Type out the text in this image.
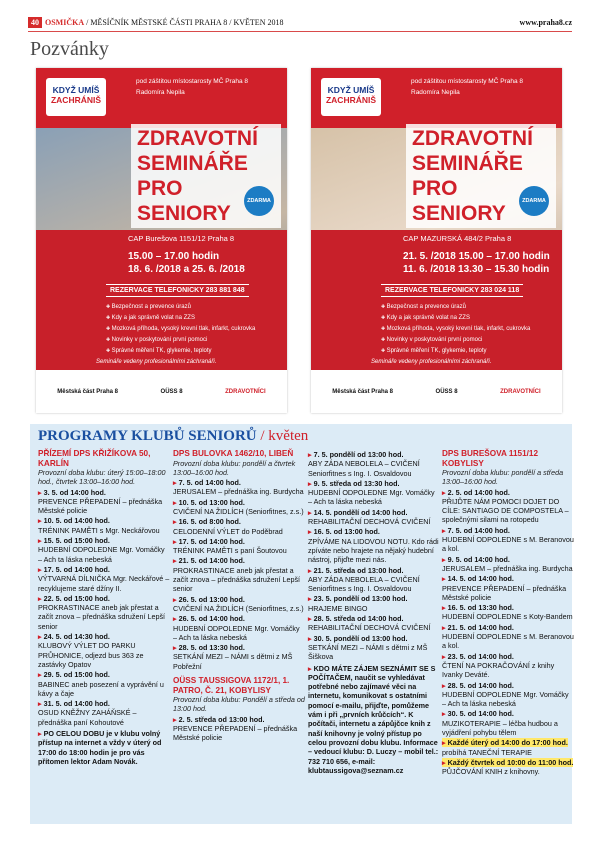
40 OSMIČKA / MĚSÍČNÍK MĚSTSKÉ ČÁSTI PRAHA 8 / KVĚTEN 2018	www.praha8.cz
Pozvánky
KDYŽ UMÍŠ
ZACHRÁNIŠ
pod záštitou místostarosty MČ Praha 8
Radomíra Nepila
ZDRAVOTNÍ SEMINÁŘE PRO SENIORY
ZDARMA
CAP Burešova 1151/12 Praha 8
15.00 – 17.00 hodin
18. 6. /2018 a 25. 6. /2018
REZERVACE TELEFONICKY 283 881 848
✚ Bezpečnost a prevence úrazů
✚ Kdy a jak správně volat na ZZS
✚ Mozková příhoda, vysoký krevní tlak, infarkt, cukrovka
✚ Novinky v poskytování první pomoci
✚ Správné měření TK, glykemie, teploty
Semináře vedeny profesionálními záchranáři.
Městská část Praha 8	OÜSS 8	ZDRAVOTNÍCI
KDYŽ UMÍŠ
ZACHRÁNIŠ
pod záštitou místostarosty MČ Praha 8
Radomíra Nepila
ZDRAVOTNÍ SEMINÁŘE PRO SENIORY
ZDARMA
CAP MAZURSKÁ 484/2 Praha 8
21. 5. /2018 15.00 – 17.00 hodin
11. 6. /2018 13.30 – 15.30 hodin
REZERVACE TELEFONICKY 283 024 118
✚ Bezpečnost a prevence úrazů
✚ Kdy a jak správně volat na ZZS
✚ Mozková příhoda, vysoký krevní tlak, infarkt, cukrovka
✚ Novinky v poskytování první pomoci
✚ Správné měření TK, glykemie, teploty
Semináře vedeny profesionálními záchranáři.
Městská část Praha 8	OÜSS 8	ZDRAVOTNÍCI
PROGRAMY KLUBŮ SENIORŮ / květen
PŘÍZEMÍ DPS KŘIŽÍKOVA 50, KARLÍN
Provozní doba klubu: úterý 15:00–18:00 hod., čtvrtek 13:00–16:00 hod.
▸ 3. 5. od 14:00 hod.
PREVENCE PŘEPADENÍ – přednáška Městské policie
▸ 10. 5. od 14:00 hod.
TRÉNINK PAMĚTI s Mgr. Neckářovou
▸ 15. 5. od 15:00 hod.
HUDEBNÍ ODPOLEDNE Mgr. Vomáčky – Ach ta láska nebeská
▸ 17. 5. od 14:00 hod.
VÝTVARNÁ DÍLNIČKA Mgr. Neckářové – recyklujeme staré džíny II.
▸ 22. 5. od 15:00 hod.
PROKRASTINACE aneb jak přestat a začít znova – přednáška sdružení Lepší senior
▸ 24. 5. od 14:30 hod.
KLUBOVÝ VÝLET DO PARKU PRŮHONICE, odjezd bus 363 ze zastávky Opatov
▸ 29. 5. od 15:00 hod.
BABINEC aneb posezení a vyprávění u kávy a čaje
▸ 31. 5. od 14:00 hod.
OSUD KNĚŽNY ZAHÁŇSKÉ – přednáška paní Kohoutové
▸ PO CELOU DOBU je v klubu volný přístup na internet a vždy v úterý od 17:00 do 18:00 hodin je pro vás přítomen lektor Adam Novák.
DPS BULOVKA 1462/10, LIBEŇ
Provozní doba klubu: pondělí a čtvrtek 13:00–16:00 hod.
▸ 7. 5. od 14:00 hod.
JERUSALEM – přednáška ing. Burdycha
▸ 10. 5. od 13:00 hod.
CVIČENÍ NA ŽIDLÍCH (Seniorfitnes, z.s.)
▸ 16. 5. od 8:00 hod.
CELODENNÍ VÝLET do Poděbrad
▸ 17. 5. od 14:00 hod.
TRÉNINK PAMĚTI s paní Šoutovou
▸ 21. 5. od 14:00 hod.
PROKRASTINACE aneb jak přestat a začít znova – přednáška sdružení Lepší senior
▸ 26. 5. od 13:00 hod.
CVIČENÍ NA ŽIDLÍCH (Seniorfitnes, z.s.)
▸ 26. 5. od 14:00 hod.
HUDEBNÍ ODPOLEDNE Mgr. Vomáčky – Ach ta láska nebeská
▸ 28. 5. od 13:30 hod.
SETKÁNÍ MEZI – NÁMI s dětmi z MŠ Pobřežní
OÜSS TAUSSIGOVA 1172/1, 1. PATRO, Č. 21, KOBYLISY
Provozní doba klubu: Pondělí a středa od 13:00 hod.
▸ 2. 5. středa od 13:00 hod.
PREVENCE PŘEPADENÍ – přednáška Městské policie
▸ 7. 5. pondělí od 13:00 hod.
ABY ZÁDA NEBOLELA – CVIČENÍ Seniorfitnes s Ing. I. Osvaldovou
▸ 9. 5. středa od 13:30 hod.
HUDEBNÍ ODPOLEDNE Mgr. Vomáčky – Ach ta láska nebeská
▸ 14. 5. pondělí od 14:00 hod.
REHABILITAČNÍ DECHOVÁ CVIČENÍ
▸ 16. 5. od 13:00 hod.
ZPÍVÁME NA LIDOVOU NOTU. Kdo rádi zpíváte nebo hrajete na nějaký hudební nástroj, přijďte mezi nás.
▸ 21. 5. středa od 13:00 hod.
ABY ZÁDA NEBOLELA – CVIČENÍ Seniorfitnes s Ing. I. Osvaldovou
▸ 23. 5. pondělí od 13:00 hod.
HRAJEME BINGO
▸ 28. 5. středa od 14:00 hod.
REHABILITAČNÍ DECHOVÁ CVIČENÍ
▸ 30. 5. pondělí od 13:00 hod.
SETKÁNÍ MEZI – NÁMI s dětmi z MŠ Šiškova
▸ KDO MÁTE ZÁJEM SEZNÁMIT SE S POČÍTAČEM, naučit se vyhledávat potřebné nebo zajímavé věci na internetu, komunikovat s ostatními pomocí e-mailu, přijďte, pomůžeme vám i při „prvních krůčcích“. K počítači, internetu a zápůjčce knih z naší knihovny je volný přístup po celou provozní dobu klubu. Informace – vedoucí klubu: D. Luczy – mobil tel.: 732 710 656, e-mail: klubtaussigova@seznam.cz
DPS BUREŠOVA 1151/12 KOBYLISY
Provozní doba klubu: pondělí a středa 13:00–16:00 hod.
▸ 2. 5. od 14:00 hod.
PŘIJĎTE NÁM POMOCI DOJET DO CÍLE: SANTIAGO DE COMPOSTELA – společnými silami na rotopedu
▸ 7. 5. od 14:00 hod.
HUDEBNÍ ODPOLEDNE s M. Beranovou a kol.
▸ 9. 5. od 14:00 hod.
JERUSALEM – přednáška ing. Burdycha
▸ 14. 5. od 14:00 hod.
PREVENCE PŘEPADENÍ – přednáška Městské policie
▸ 16. 5. od 13:30 hod.
HUDEBNÍ ODPOLEDNE s Koty-Bandem
▸ 21. 5. od 14:00 hod.
HUDEBNÍ ODPOLEDNE s M. Beranovou a kol.
▸ 23. 5. od 14:00 hod.
ČTENÍ NA POKRAČOVÁNÍ z knihy Ivanky Deváté.
▸ 28. 5. od 14:00 hod.
HUDEBNÍ ODPOLEDNE Mgr. Vomáčky – Ach ta láska nebeská
▸ 30. 5. od 14:00 hod.
MUZIKOTERAPIE – léčba hudbou a vyjádření pohybu tělem
▸ Každé úterý od 14:00 do 17:00 hod.
probíhá TANEČNÍ TERAPIE
▸ Každý čtvrtek od 10:00 do 11:00 hod.
PŮJČOVÁNÍ KNIH z knihovny.
